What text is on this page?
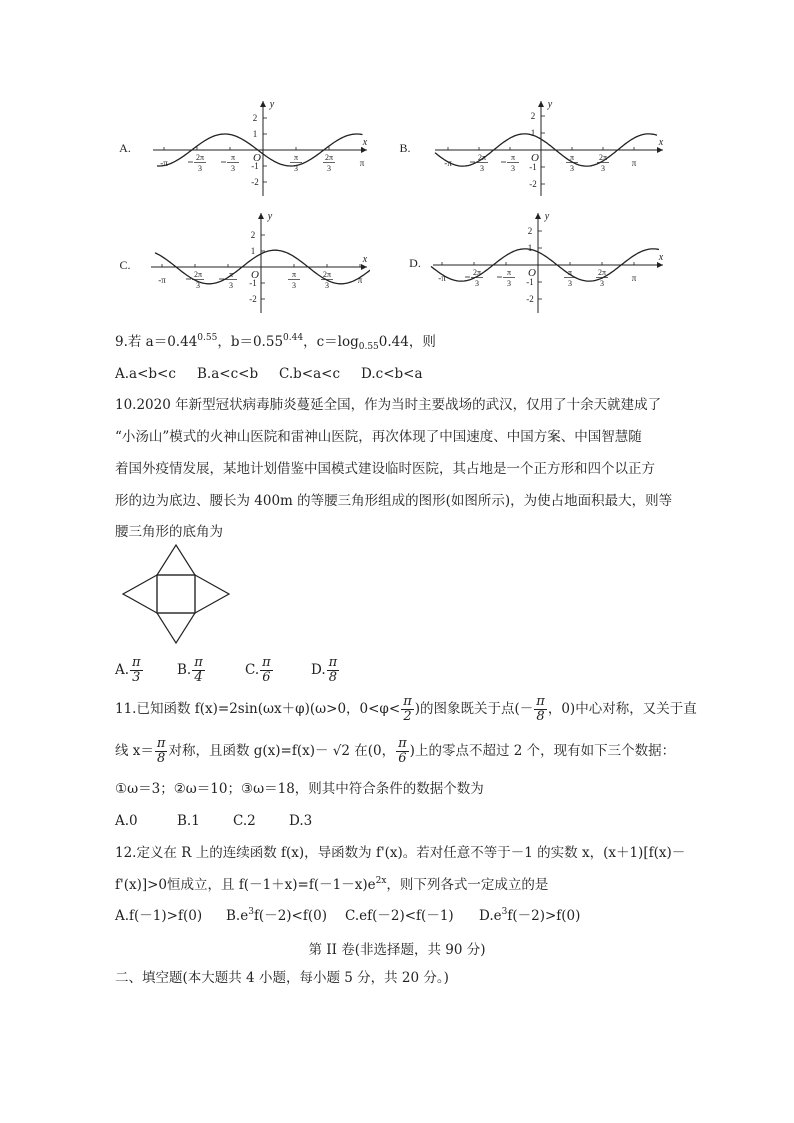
x
y
O
A.
2
1
-1
-2
-π
2π
3
π
3
π
3
2π
3
π
x
y
O
B.
2
1
-1
-2
-π
2π
3
π
3
π
3
2π
3
π
x
y
O
C.
2
1
-1
-2
-π
2π
3
π
3
π
3
2π
3
π
x
y
O
D.
2
1
-1
-2
-π
2π
3
π
3
π
3
2π
3
π
9.若 $a=0.44^{0.55}$，$b=0.55^{0.44}$，$c=\log_{0.55}0.44$，则
A.a<b<c B.a<c<b C.b<a<c D.c<b<a
10.2020 年新型冠状病毒肺炎蔓延全国，作为当时主要战场的武汉，仅用了十余天就建成了
“小汤山”模式的火神山医院和雷神山医院，再次体现了中国速度、中国方案、中国智慧随
着国外疫情发展，某地计划借鉴中国模式建设临时医院，其占地是一个正方形和四个以正方
形的边为底边、腰长为 400m 的等腰三角形组成的图形(如图所示)，为使占地面积最大，则等
腰三角形的底角为
A. $\frac{\pi}{3}$	B. $\frac{\pi}{4}$	C. $\frac{\pi}{6}$	D. $\frac{\pi}{8}$
11.已知函数 f(x)=2sin(ωx＋φ)(ω>0，$0<\varphi< \frac{\pi}{2}$ )的图象既关于点(－ $\frac{\pi}{8}$ ，0)中心对称，又关于直
线 $x= \frac{\pi}{8}$ 对称，且函数 g(x)=f(x)－ √2 在(0， $\frac{\pi}{6}$ )上的零点不超过 2 个，现有如下三个数据：
①ω＝3；②ω＝10；③ω＝18，则其中符合条件的数据个数为
A.0	B.1 C.2 D.3
12.定义在 R 上的连续函数 f(x)，导函数为 f'(x)。若对任意不等于－1 的实数 x，(x＋1)[f(x)－
f'(x)]>0恒成立，且 $f(-1+x)=f(-1-x)e^{2x}$，则下列各式一定成立的是
A.f(－1)>f(0) $B.e^3f(-2)<f(0)$ C.ef(－2)<f(－1) $D.e^3f(-2)>f(0)$
第 II 卷(非选择题，共 90 分)
二、填空题(本大题共 4 小题，每小题 5 分，共 20 分。)
